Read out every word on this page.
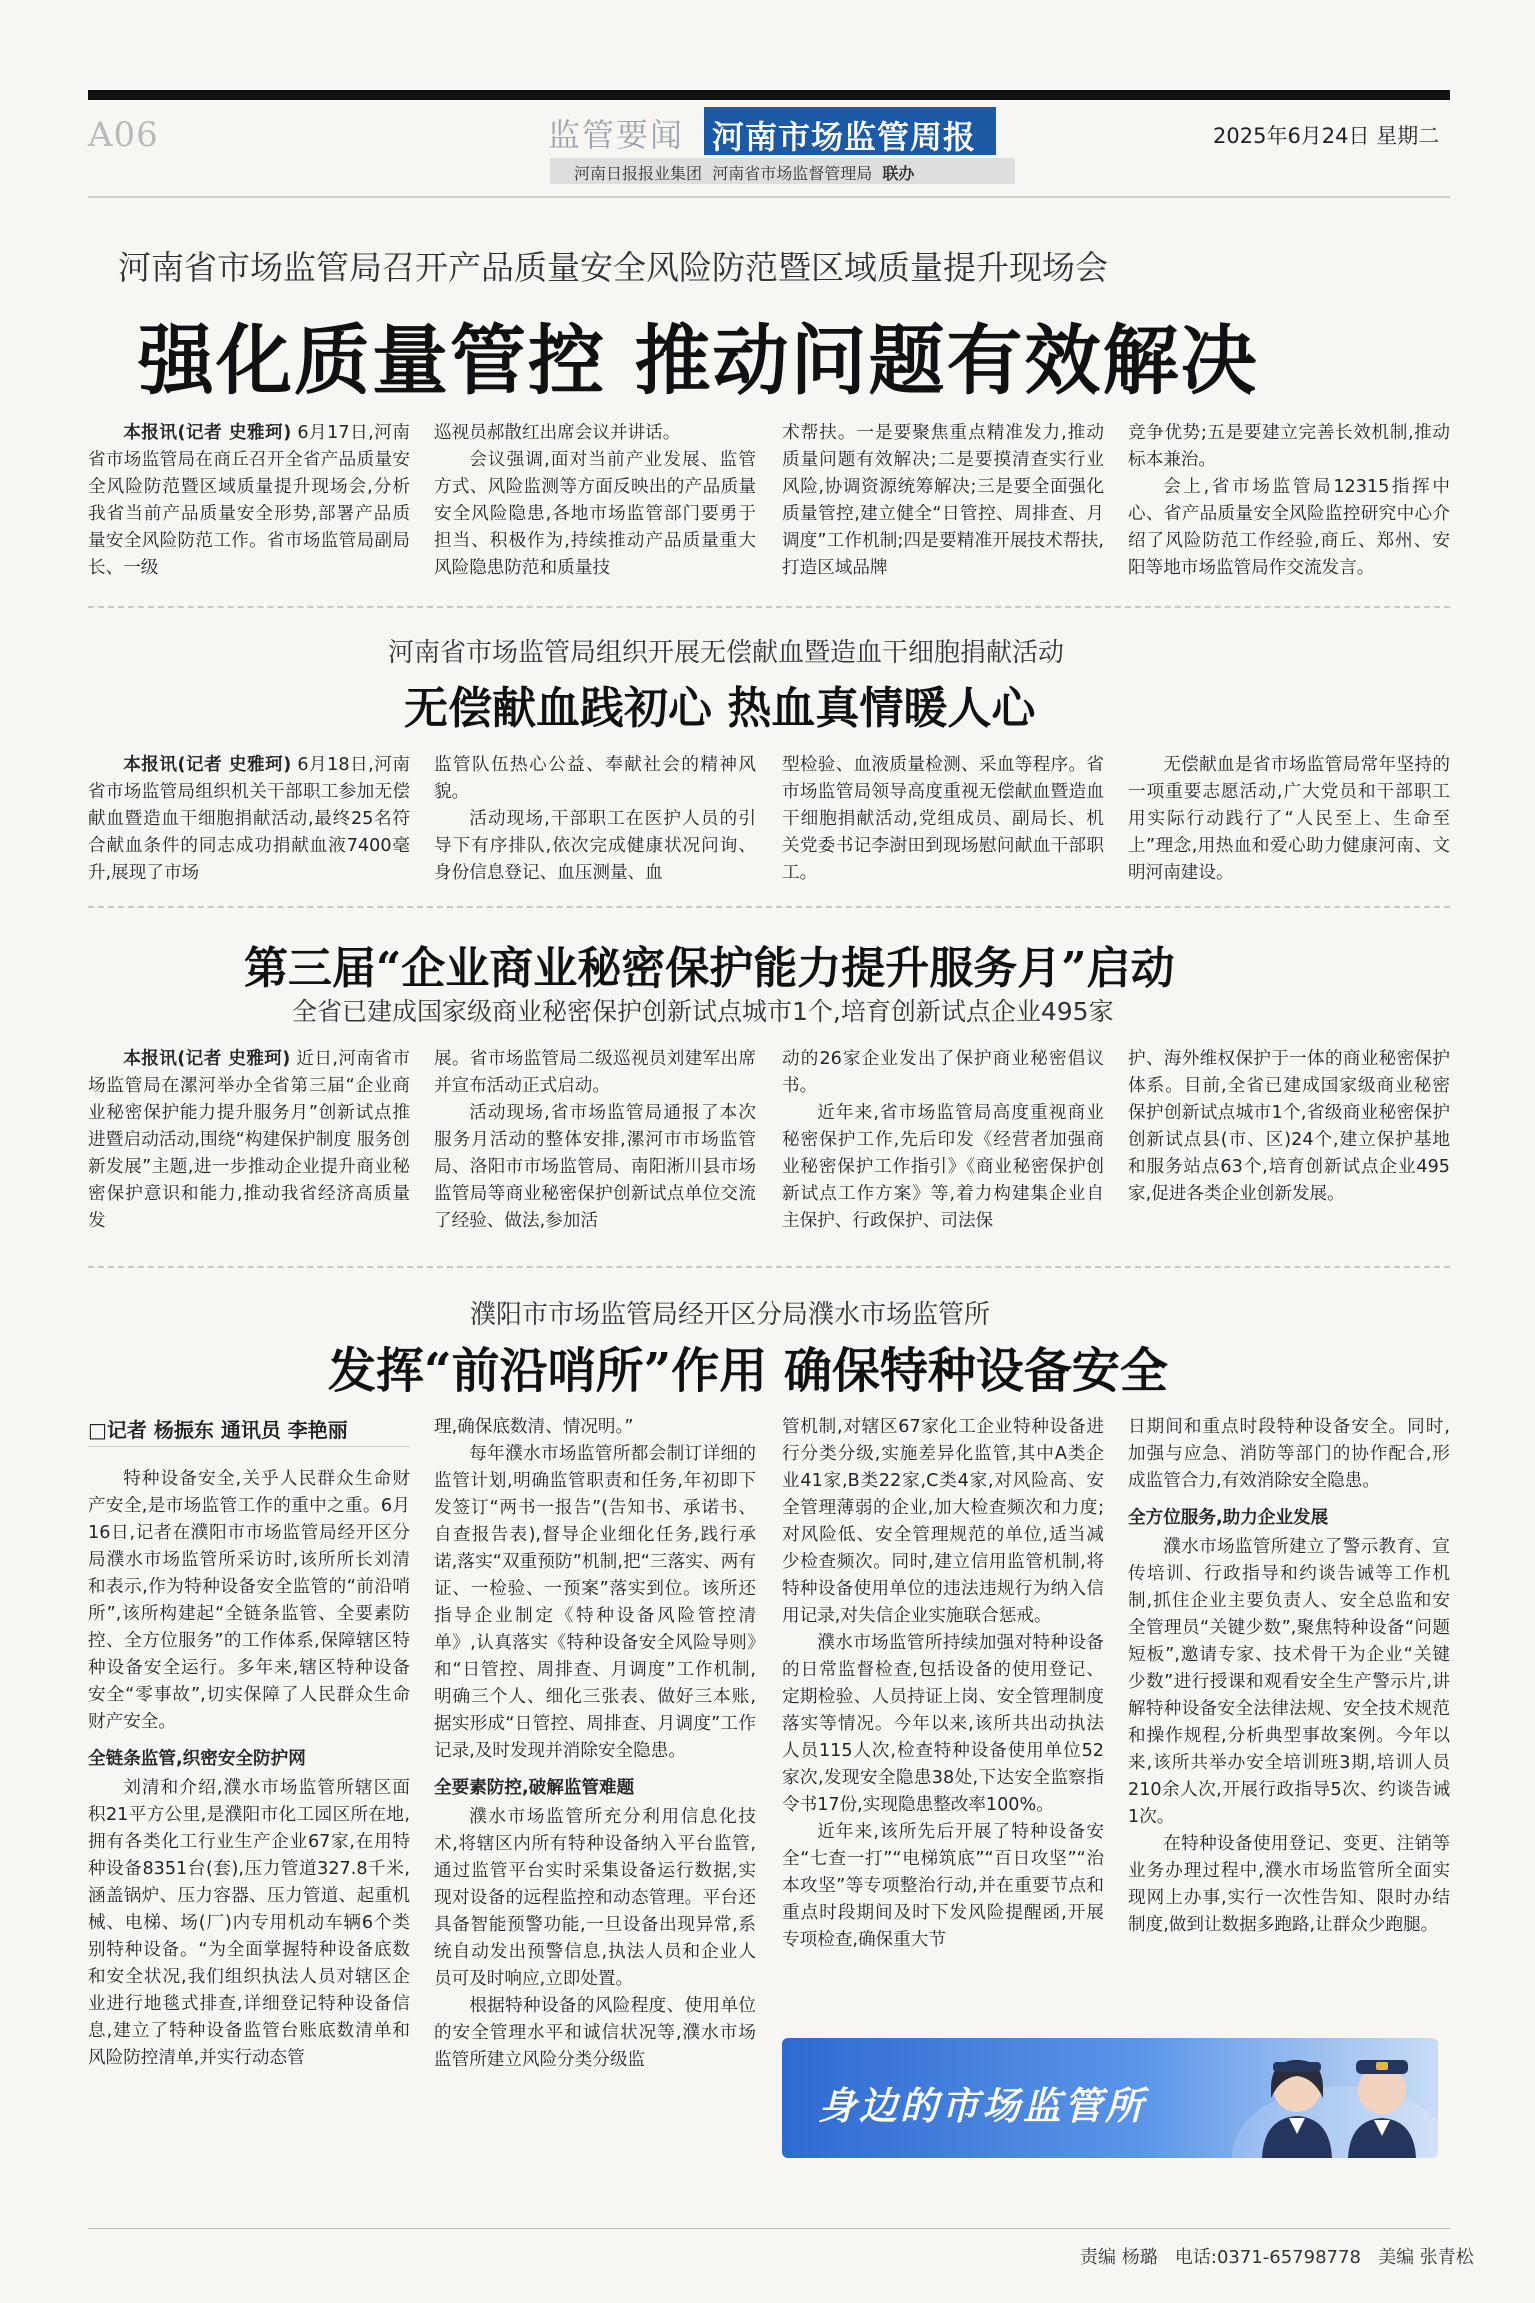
A06	监管要闻 河南市场监管周报	2025年6月24日 星期二
河南日报报业集团 河南省市场监督管理局 联办
河南省市场监管局召开产品质量安全风险防范暨区域质量提升现场会
强化质量管控 推动问题有效解决

本报讯(记者 史雅珂) 6月17日,河南省市场监管局在商丘召开全省产品质量安全风险防范暨区域质量提升现场会,分析我省当前产品质量安全形势,部署产品质量安全风险防范工作。省市场监管局副局长、一级

巡视员郝散红出席会议并讲话。

会议强调,面对当前产业发展、监管方式、风险监测等方面反映出的产品质量安全风险隐患,各地市场监管部门要勇于担当、积极作为,持续推动产品质量重大风险隐患防范和质量技

术帮扶。一是要聚焦重点精准发力,推动质量问题有效解决;二是要摸清查实行业风险,协调资源统筹解决;三是要全面强化质量管控,建立健全“日管控、周排查、月调度”工作机制;四是要精准开展技术帮扶,打造区域品牌

竞争优势;五是要建立完善长效机制,推动标本兼治。

会上,省市场监管局12315指挥中心、省产品质量安全风险监控研究中心介绍了风险防范工作经验,商丘、郑州、安阳等地市场监管局作交流发言。

河南省市场监管局组织开展无偿献血暨造血干细胞捐献活动
无偿献血践初心 热血真情暖人心

本报讯(记者 史雅珂) 6月18日,河南省市场监管局组织机关干部职工参加无偿献血暨造血干细胞捐献活动,最终25名符合献血条件的同志成功捐献血液7400毫升,展现了市场

监管队伍热心公益、奉献社会的精神风貌。

活动现场,干部职工在医护人员的引导下有序排队,依次完成健康状况问询、身份信息登记、血压测量、血

型检验、血液质量检测、采血等程序。省市场监管局领导高度重视无偿献血暨造血干细胞捐献活动,党组成员、副局长、机关党委书记李澍田到现场慰问献血干部职工。

无偿献血是省市场监管局常年坚持的一项重要志愿活动,广大党员和干部职工用实际行动践行了“人民至上、生命至上”理念,用热血和爱心助力健康河南、文明河南建设。

第三届“企业商业秘密保护能力提升服务月”启动
全省已建成国家级商业秘密保护创新试点城市1个,培育创新试点企业495家

本报讯(记者 史雅珂) 近日,河南省市场监管局在漯河举办全省第三届“企业商业秘密保护能力提升服务月”创新试点推进暨启动活动,围绕“构建保护制度 服务创新发展”主题,进一步推动企业提升商业秘密保护意识和能力,推动我省经济高质量发

展。省市场监管局二级巡视员刘建军出席并宣布活动正式启动。

活动现场,省市场监管局通报了本次服务月活动的整体安排,漯河市市场监管局、洛阳市市场监管局、南阳淅川县市场监管局等商业秘密保护创新试点单位交流了经验、做法,参加活

动的26家企业发出了保护商业秘密倡议书。

近年来,省市场监管局高度重视商业秘密保护工作,先后印发《经营者加强商业秘密保护工作指引》《商业秘密保护创新试点工作方案》等,着力构建集企业自主保护、行政保护、司法保

护、海外维权保护于一体的商业秘密保护体系。目前,全省已建成国家级商业秘密保护创新试点城市1个,省级商业秘密保护创新试点县(市、区)24个,建立保护基地和服务站点63个,培育创新试点企业495家,促进各类企业创新发展。

濮阳市市场监管局经开区分局濮水市场监管所
发挥“前沿哨所”作用 确保特种设备安全
□记者 杨振东 通讯员 李艳丽

特种设备安全,关乎人民群众生命财产安全,是市场监管工作的重中之重。6月16日,记者在濮阳市市场监管局经开区分局濮水市场监管所采访时,该所所长刘清和表示,作为特种设备安全监管的“前沿哨所”,该所构建起“全链条监管、全要素防控、全方位服务”的工作体系,保障辖区特种设备安全运行。多年来,辖区特种设备安全“零事故”,切实保障了人民群众生命财产安全。

全链条监管,织密安全防护网

刘清和介绍,濮水市场监管所辖区面积21平方公里,是濮阳市化工园区所在地,拥有各类化工行业生产企业67家,在用特种设备8351台(套),压力管道327.8千米,涵盖锅炉、压力容器、压力管道、起重机械、电梯、场(厂)内专用机动车辆6个类别特种设备。“为全面掌握特种设备底数和安全状况,我们组织执法人员对辖区企业进行地毯式排查,详细登记特种设备信息,建立了特种设备监管台账底数清单和风险防控清单,并实行动态管

理,确保底数清、情况明。”

每年濮水市场监管所都会制订详细的监管计划,明确监管职责和任务,年初即下发签订“两书一报告”(告知书、承诺书、自查报告表),督导企业细化任务,践行承诺,落实“双重预防”机制,把“三落实、两有证、一检验、一预案”落实到位。该所还指导企业制定《特种设备风险管控清单》,认真落实《特种设备安全风险导则》和“日管控、周排查、月调度”工作机制,明确三个人、细化三张表、做好三本账,据实形成“日管控、周排查、月调度”工作记录,及时发现并消除安全隐患。

全要素防控,破解监管难题

濮水市场监管所充分利用信息化技术,将辖区内所有特种设备纳入平台监管,通过监管平台实时采集设备运行数据,实现对设备的远程监控和动态管理。平台还具备智能预警功能,一旦设备出现异常,系统自动发出预警信息,执法人员和企业人员可及时响应,立即处置。

根据特种设备的风险程度、使用单位的安全管理水平和诚信状况等,濮水市场监管所建立风险分类分级监

管机制,对辖区67家化工企业特种设备进行分类分级,实施差异化监管,其中A类企业41家,B类22家,C类4家,对风险高、安全管理薄弱的企业,加大检查频次和力度;对风险低、安全管理规范的单位,适当减少检查频次。同时,建立信用监管机制,将特种设备使用单位的违法违规行为纳入信用记录,对失信企业实施联合惩戒。

濮水市场监管所持续加强对特种设备的日常监督检查,包括设备的使用登记、定期检验、人员持证上岗、安全管理制度落实等情况。今年以来,该所共出动执法人员115人次,检查特种设备使用单位52家次,发现安全隐患38处,下达安全监察指令书17份,实现隐患整改率100%。

近年来,该所先后开展了特种设备安全“七查一打”“电梯筑底”“百日攻坚”“治本攻坚”等专项整治行动,并在重要节点和重点时段期间及时下发风险提醒函,开展专项检查,确保重大节

日期间和重点时段特种设备安全。同时,加强与应急、消防等部门的协作配合,形成监管合力,有效消除安全隐患。

全方位服务,助力企业发展

濮水市场监管所建立了警示教育、宣传培训、行政指导和约谈告诫等工作机制,抓住企业主要负责人、安全总监和安全管理员“关键少数”,聚焦特种设备“问题短板”,邀请专家、技术骨干为企业“关键少数”进行授课和观看安全生产警示片,讲解特种设备安全法律法规、安全技术规范和操作规程,分析典型事故案例。今年以来,该所共举办安全培训班3期,培训人员210余人次,开展行政指导5次、约谈告诫1次。

在特种设备使用登记、变更、注销等业务办理过程中,濮水市场监管所全面实现网上办事,实行一次性告知、限时办结制度,做到让数据多跑路,让群众少跑腿。

身边的市场监管所
责编 杨璐 电话:0371-65798778 美编 张青松
